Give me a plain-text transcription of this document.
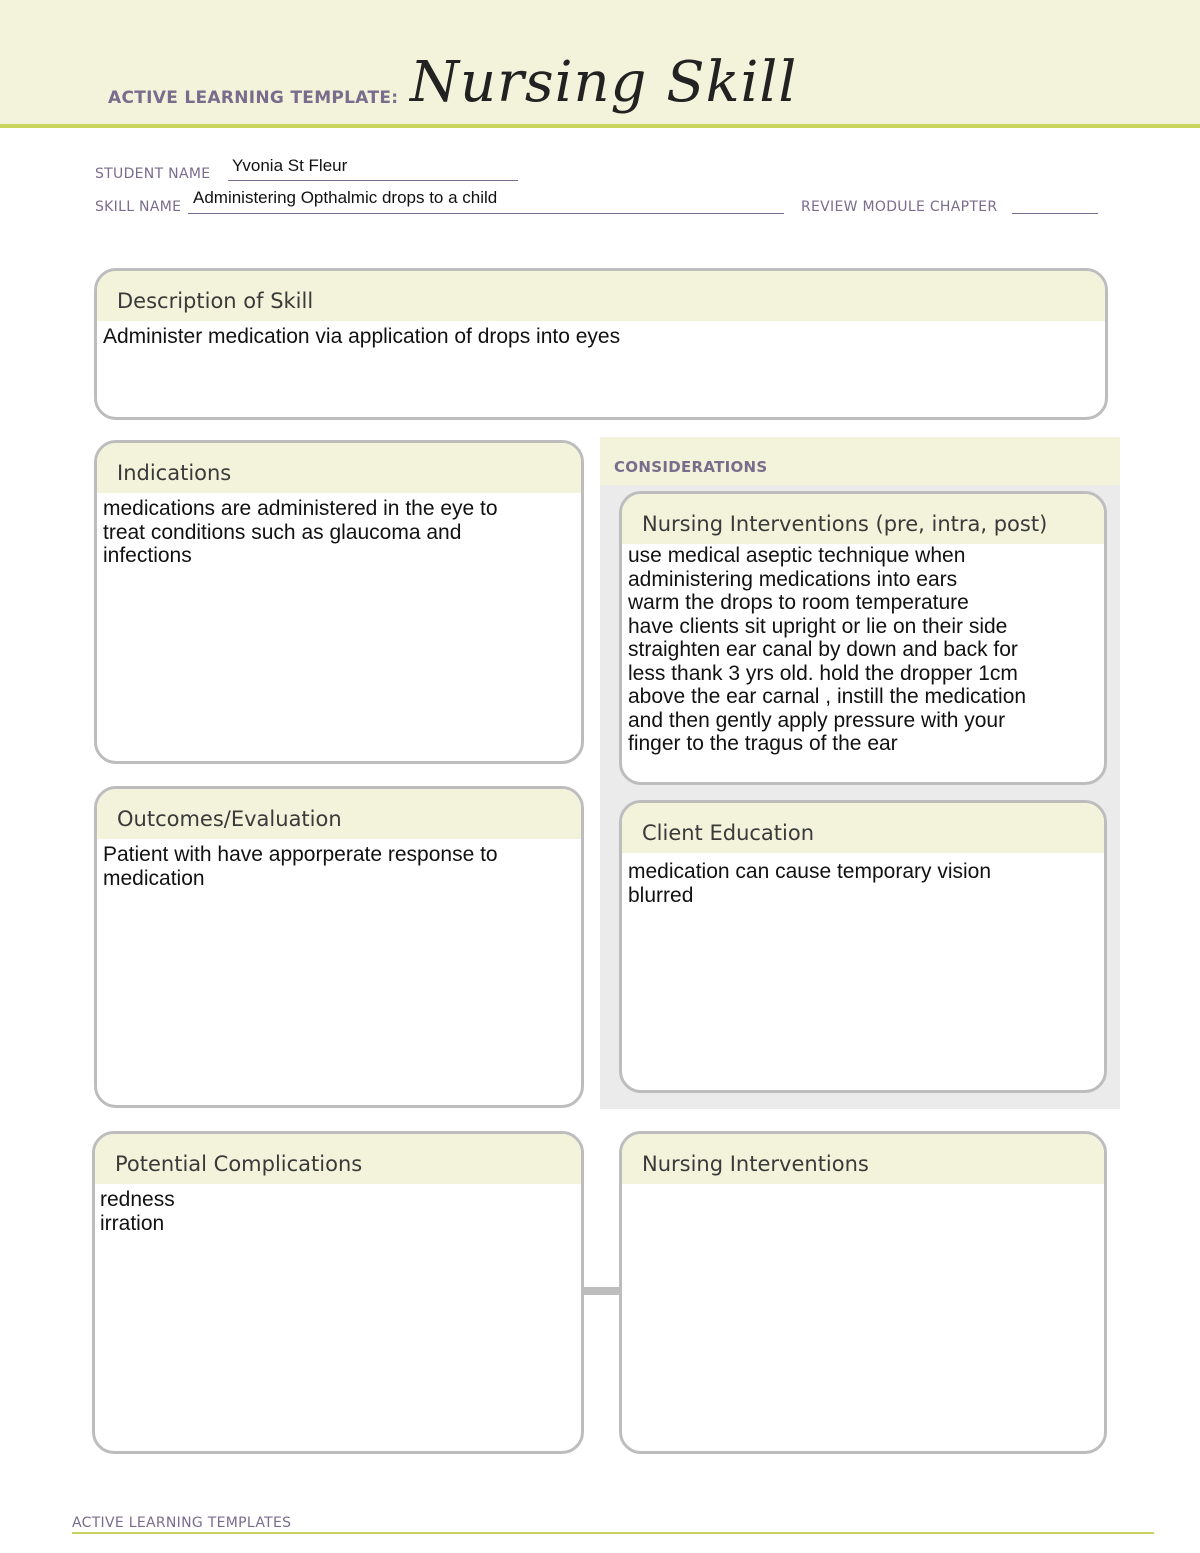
ACTIVE LEARNING TEMPLATE: Nursing Skill
STUDENT NAME Yvonia St Fleur
SKILL NAME Administering Opthalmic drops to a child	REVIEW MODULE CHAPTER
Description of Skill
Administer medication via application of drops into eyes
Indications
medications are administered in the eye to
treat conditions such as glaucoma and
infections
CONSIDERATIONS
Nursing Interventions (pre, intra, post)
use medical aseptic technique when
administering medications into ears
warm the drops to room temperature
have clients sit upright or lie on their side
straighten ear canal by down and back for
less thank 3 yrs old. hold the dropper 1cm
above the ear carnal , instill the medication
and then gently apply pressure with your
finger to the tragus of the ear
Client Education
medication can cause temporary vision
blurred
Outcomes/Evaluation
Patient with have apporperate response to
medication
Potential Complications
redness
irration
Nursing Interventions
ACTIVE LEARNING TEMPLATES
